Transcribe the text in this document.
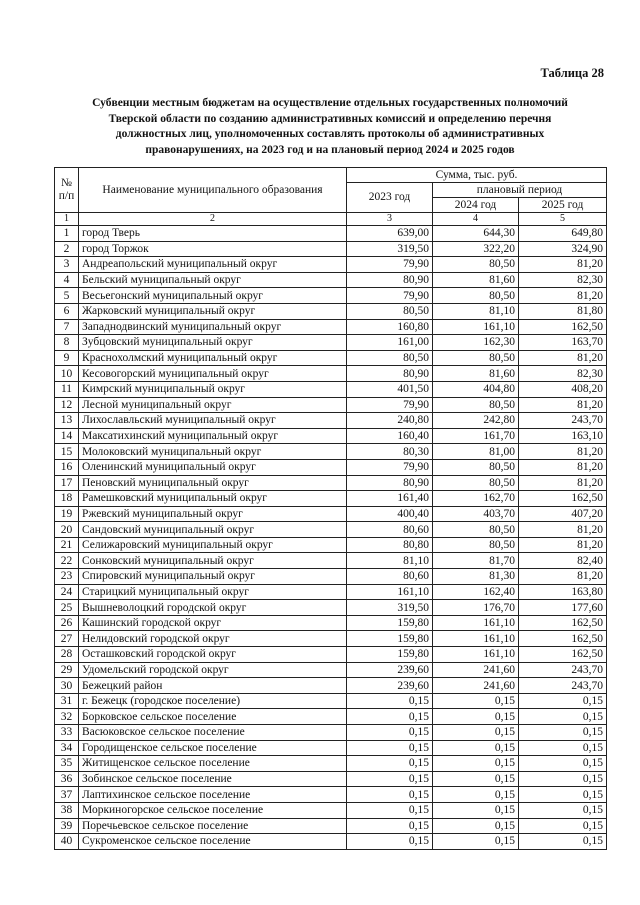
Таблица 28
Субвенции местным бюджетам на осуществление отдельных государственных полномочий
Тверской области по созданию административных комиссий и определению перечня
должностных лиц, уполномоченных составлять протоколы об административных
правонарушениях, на 2023 год и на плановый период 2024 и 2025 годов
№ п/п	Наименование муниципального образования	Сумма, тыс. руб.		
		2023 год	плановый период	
			2024 год	2025 год
1	2	3	4	5
1	город Тверь	639,00	644,30	649,80
2	город Торжок	319,50	322,20	324,90
3	Андреапольский муниципальный округ	79,90	80,50	81,20
4	Бельский муниципальный округ	80,90	81,60	82,30
5	Весьегонский муниципальный округ	79,90	80,50	81,20
6	Жарковский муниципальный округ	80,50	81,10	81,80
7	Западнодвинский муниципальный округ	160,80	161,10	162,50
8	Зубцовский муниципальный округ	161,00	162,30	163,70
9	Краснохолмский муниципальный округ	80,50	80,50	81,20
10	Кесовогорский муниципальный округ	80,90	81,60	82,30
11	Кимрский муниципальный округ	401,50	404,80	408,20
12	Лесной муниципальный округ	79,90	80,50	81,20
13	Лихославльский муниципальный округ	240,80	242,80	243,70
14	Максатихинский муниципальный округ	160,40	161,70	163,10
15	Молоковский муниципальный округ	80,30	81,00	81,20
16	Оленинский муниципальный округ	79,90	80,50	81,20
17	Пеновский муниципальный округ	80,90	80,50	81,20
18	Рамешковский муниципальный округ	161,40	162,70	162,50
19	Ржевский муниципальный округ	400,40	403,70	407,20
20	Сандовский муниципальный округ	80,60	80,50	81,20
21	Селижаровский муниципальный округ	80,80	80,50	81,20
22	Сонковский муниципальный округ	81,10	81,70	82,40
23	Спировский муниципальный округ	80,60	81,30	81,20
24	Старицкий муниципальный округ	161,10	162,40	163,80
25	Вышневолоцкий городской округ	319,50	176,70	177,60
26	Кашинский городской округ	159,80	161,10	162,50
27	Нелидовский городской округ	159,80	161,10	162,50
28	Осташковский городской округ	159,80	161,10	162,50
29	Удомельский городской округ	239,60	241,60	243,70
30	Бежецкий район	239,60	241,60	243,70
31	г. Бежецк (городское поселение)	0,15	0,15	0,15
32	Борковское сельское поселение	0,15	0,15	0,15
33	Васюковское сельское поселение	0,15	0,15	0,15
34	Городищенское сельское поселение	0,15	0,15	0,15
35	Житищенское сельское поселение	0,15	0,15	0,15
36	Зобинское сельское поселение	0,15	0,15	0,15
37	Лаптихинское сельское поселение	0,15	0,15	0,15
38	Моркиногорское сельское поселение	0,15	0,15	0,15
39	Поречьевское сельское поселение	0,15	0,15	0,15
40	Сукроменское сельское поселение	0,15	0,15	0,15
